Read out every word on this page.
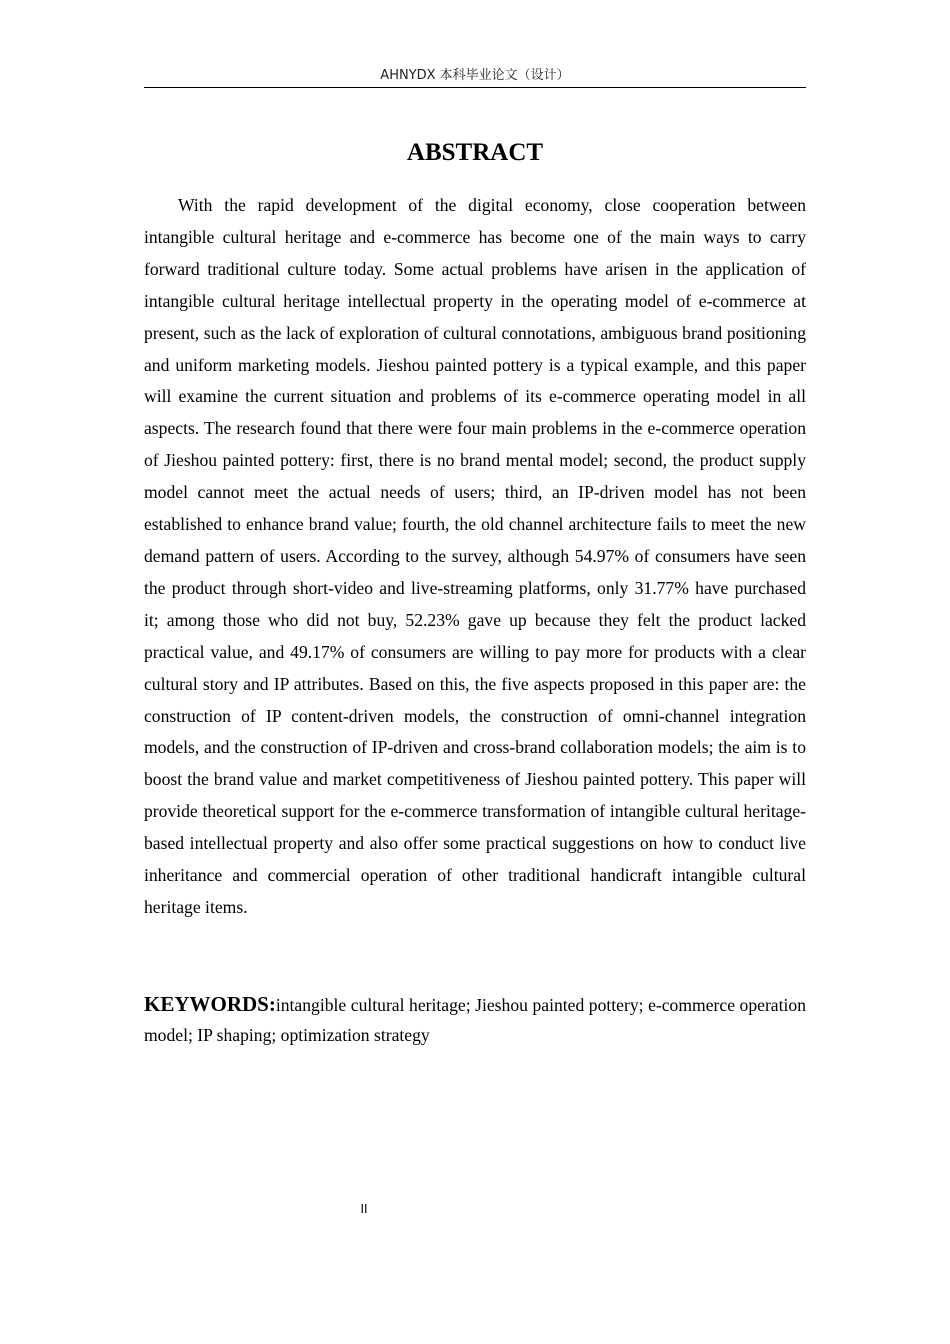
AHNYDX 本科毕业论文（设计）
ABSTRACT

With the rapid development of the digital economy, close cooperation between intangible cultural heritage and e-commerce has become one of the main ways to carry forward traditional culture today. Some actual problems have arisen in the application of intangible cultural heritage intellectual property in the operating model of e-commerce at present, such as the lack of exploration of cultural connotations, ambiguous brand positioning and uniform marketing models. Jieshou painted pottery is a typical example, and this paper will examine the current situation and problems of its e-commerce operating model in all aspects. The research found that there were four main problems in the e-commerce operation of Jieshou painted pottery: first, there is no brand mental model; second, the product supply model cannot meet the actual needs of users; third, an IP-driven model has not been established to enhance brand value; fourth, the old channel architecture fails to meet the new demand pattern of users. According to the survey, although 54.97% of consumers have seen the product through short-video and live-streaming platforms, only 31.77% have purchased it; among those who did not buy, 52.23% gave up because they felt the product lacked practical value, and 49.17% of consumers are willing to pay more for products with a clear cultural story and IP attributes. Based on this, the five aspects proposed in this paper are: the construction of IP content-driven models, the construction of omni-channel integration models, and the construction of IP-driven and cross-brand collaboration models; the aim is to boost the brand value and market competitiveness of Jieshou painted pottery. This paper will provide theoretical support for the e-commerce transformation of intangible cultural heritage-based intellectual property and also offer some practical suggestions on how to conduct live inheritance and commercial operation of other traditional handicraft intangible cultural heritage items.

KEYWORDS:intangible cultural heritage; Jieshou painted pottery; e-commerce operation model; IP shaping; optimization strategy

II
